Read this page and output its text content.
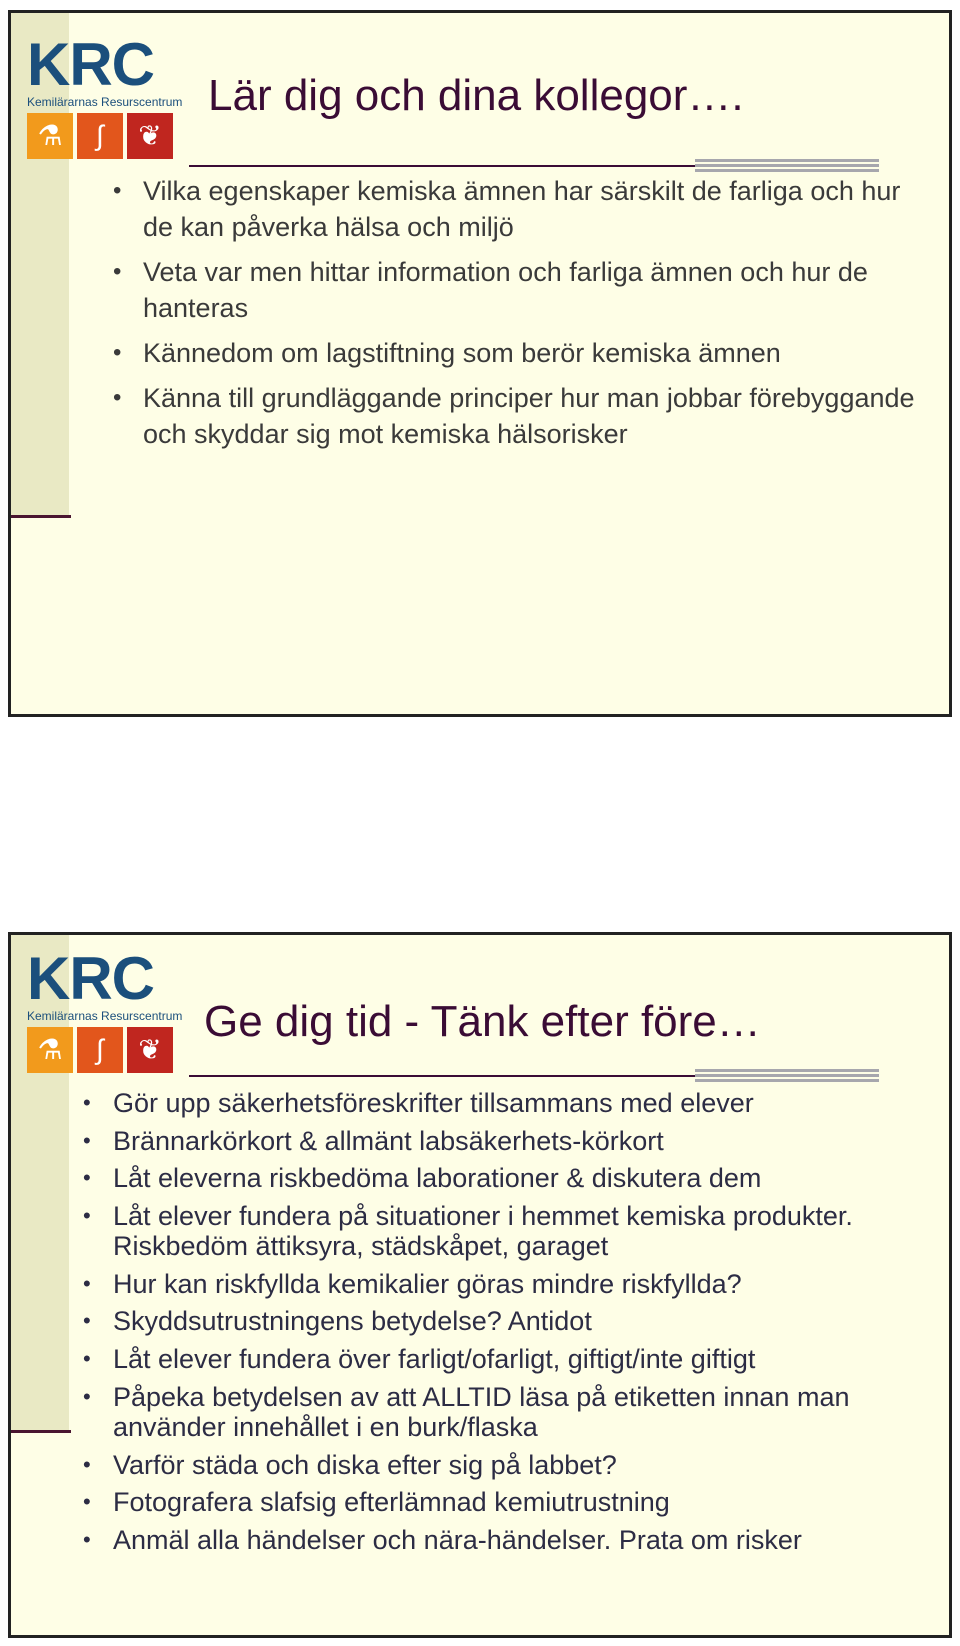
KRC
Kemilärarnas Resurscentrum
⚗	∫	❦
Lär dig och dina kollegor….
• Vilka egenskaper kemiska ämnen har särskilt de farliga och hur de kan påverka hälsa och miljö
• Veta var men hittar information och farliga ämnen och hur de hanteras
• Kännedom om lagstiftning som berör kemiska ämnen
• Känna till grundläggande principer hur man jobbar förebyggande och skyddar sig mot kemiska hälsorisker
KRC
Kemilärarnas Resurscentrum
⚗	∫	❦
Ge dig tid - Tänk efter före…
• Gör upp säkerhetsföreskrifter tillsammans med elever
• Brännarkörkort & allmänt labsäkerhets-körkort
• Låt eleverna riskbedöma laborationer & diskutera dem
• Låt elever fundera på situationer i hemmet kemiska produkter. Riskbedöm ättiksyra, städskåpet, garaget
• Hur kan riskfyllda kemikalier göras mindre riskfyllda?
• Skyddsutrustningens betydelse? Antidot
• Låt elever fundera över farligt/ofarligt, giftigt/inte giftigt
• Påpeka betydelsen av att ALLTID läsa på etiketten innan man använder innehållet i en burk/flaska
• Varför städa och diska efter sig på labbet?
• Fotografera slafsig efterlämnad kemiutrustning
• Anmäl alla händelser och nära-händelser. Prata om risker
